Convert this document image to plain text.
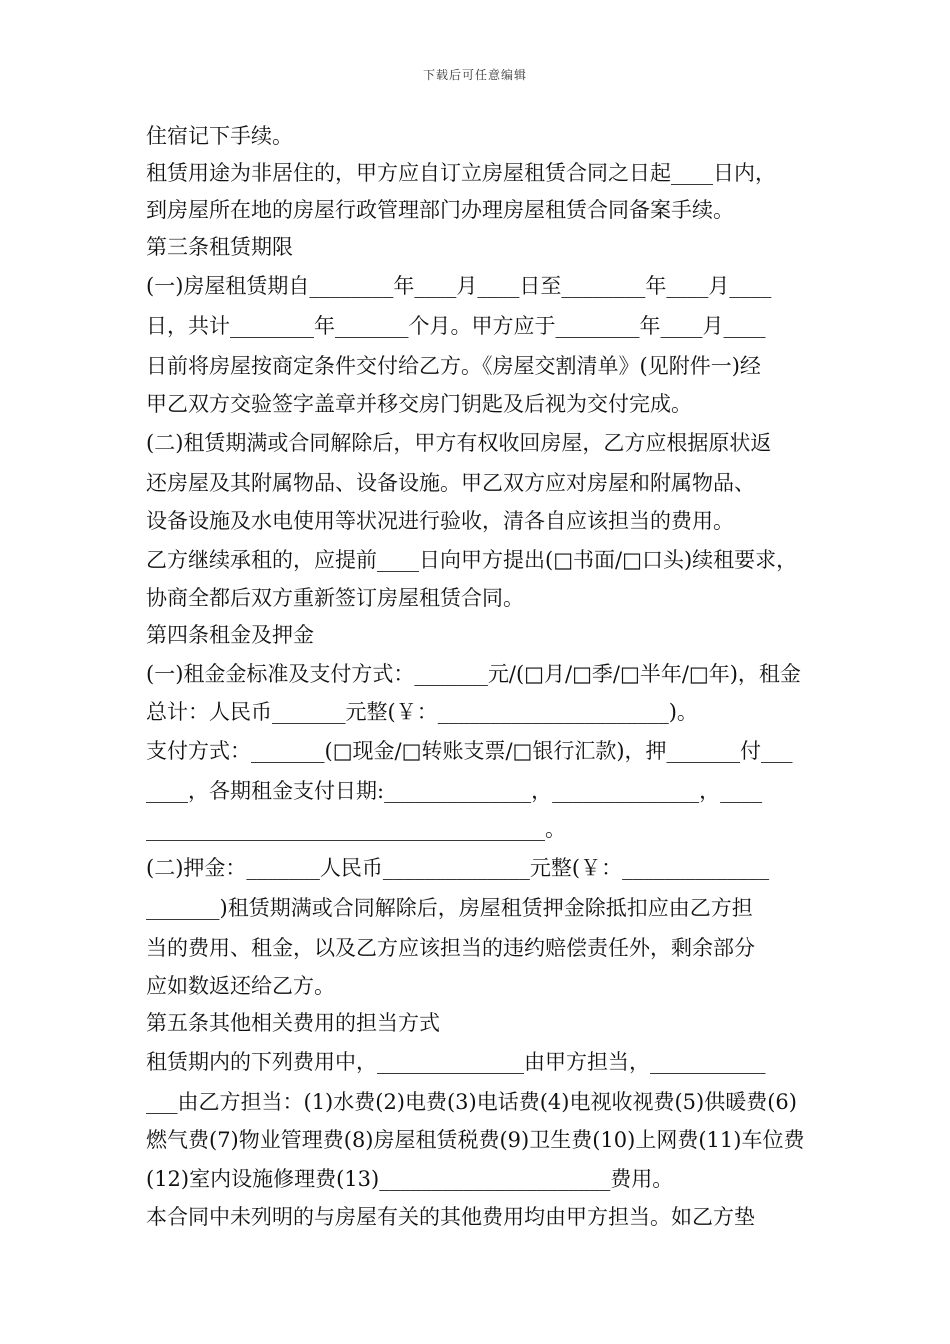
下载后可任意编辑
住宿记下手续。
租赁用途为非居住的，甲方应自订立房屋租赁合同之日起____日内，
到房屋所在地的房屋行政管理部门办理房屋租赁合同备案手续。
第三条租赁期限
(一)房屋租赁期自________年____月____日至________年____月____
日，共计________年_______个月。甲方应于________年____月____
日前将房屋按商定条件交付给乙方。《房屋交割清单》(见附件一)经
甲乙双方交验签字盖章并移交房门钥匙及后视为交付完成。
(二)租赁期满或合同解除后，甲方有权收回房屋，乙方应根据原状返
还房屋及其附属物品、设备设施。甲乙双方应对房屋和附属物品、
设备设施及水电使用等状况进行验收，清各自应该担当的费用。
乙方继续承租的，应提前____日向甲方提出(□书面/□口头)续租要求，
协商全都后双方重新签订房屋租赁合同。
第四条租金及押金
(一)租金金标准及支付方式：_______元/(□月/□季/□半年/□年)，租金
总计：人民币_______元整(￥：______________________)。
支付方式：_______(□现金/□转账支票/□银行汇款)，押_______付___
____，各期租金支付日期:______________，______________，____
______________________________________。
(二)押金：_______人民币______________元整(￥：______________
_______)租赁期满或合同解除后，房屋租赁押金除抵扣应由乙方担
当的费用、租金，以及乙方应该担当的违约赔偿责任外，剩余部分
应如数返还给乙方。
第五条其他相关费用的担当方式
租赁期内的下列费用中，______________由甲方担当，___________
___由乙方担当：(1)水费(2)电费(3)电话费(4)电视收视费(5)供暖费(6)
燃气费(7)物业管理费(8)房屋租赁税费(9)卫生费(10)上网费(11)车位费
(12)室内设施修理费(13)______________________费用。
本合同中未列明的与房屋有关的其他费用均由甲方担当。如乙方垫
